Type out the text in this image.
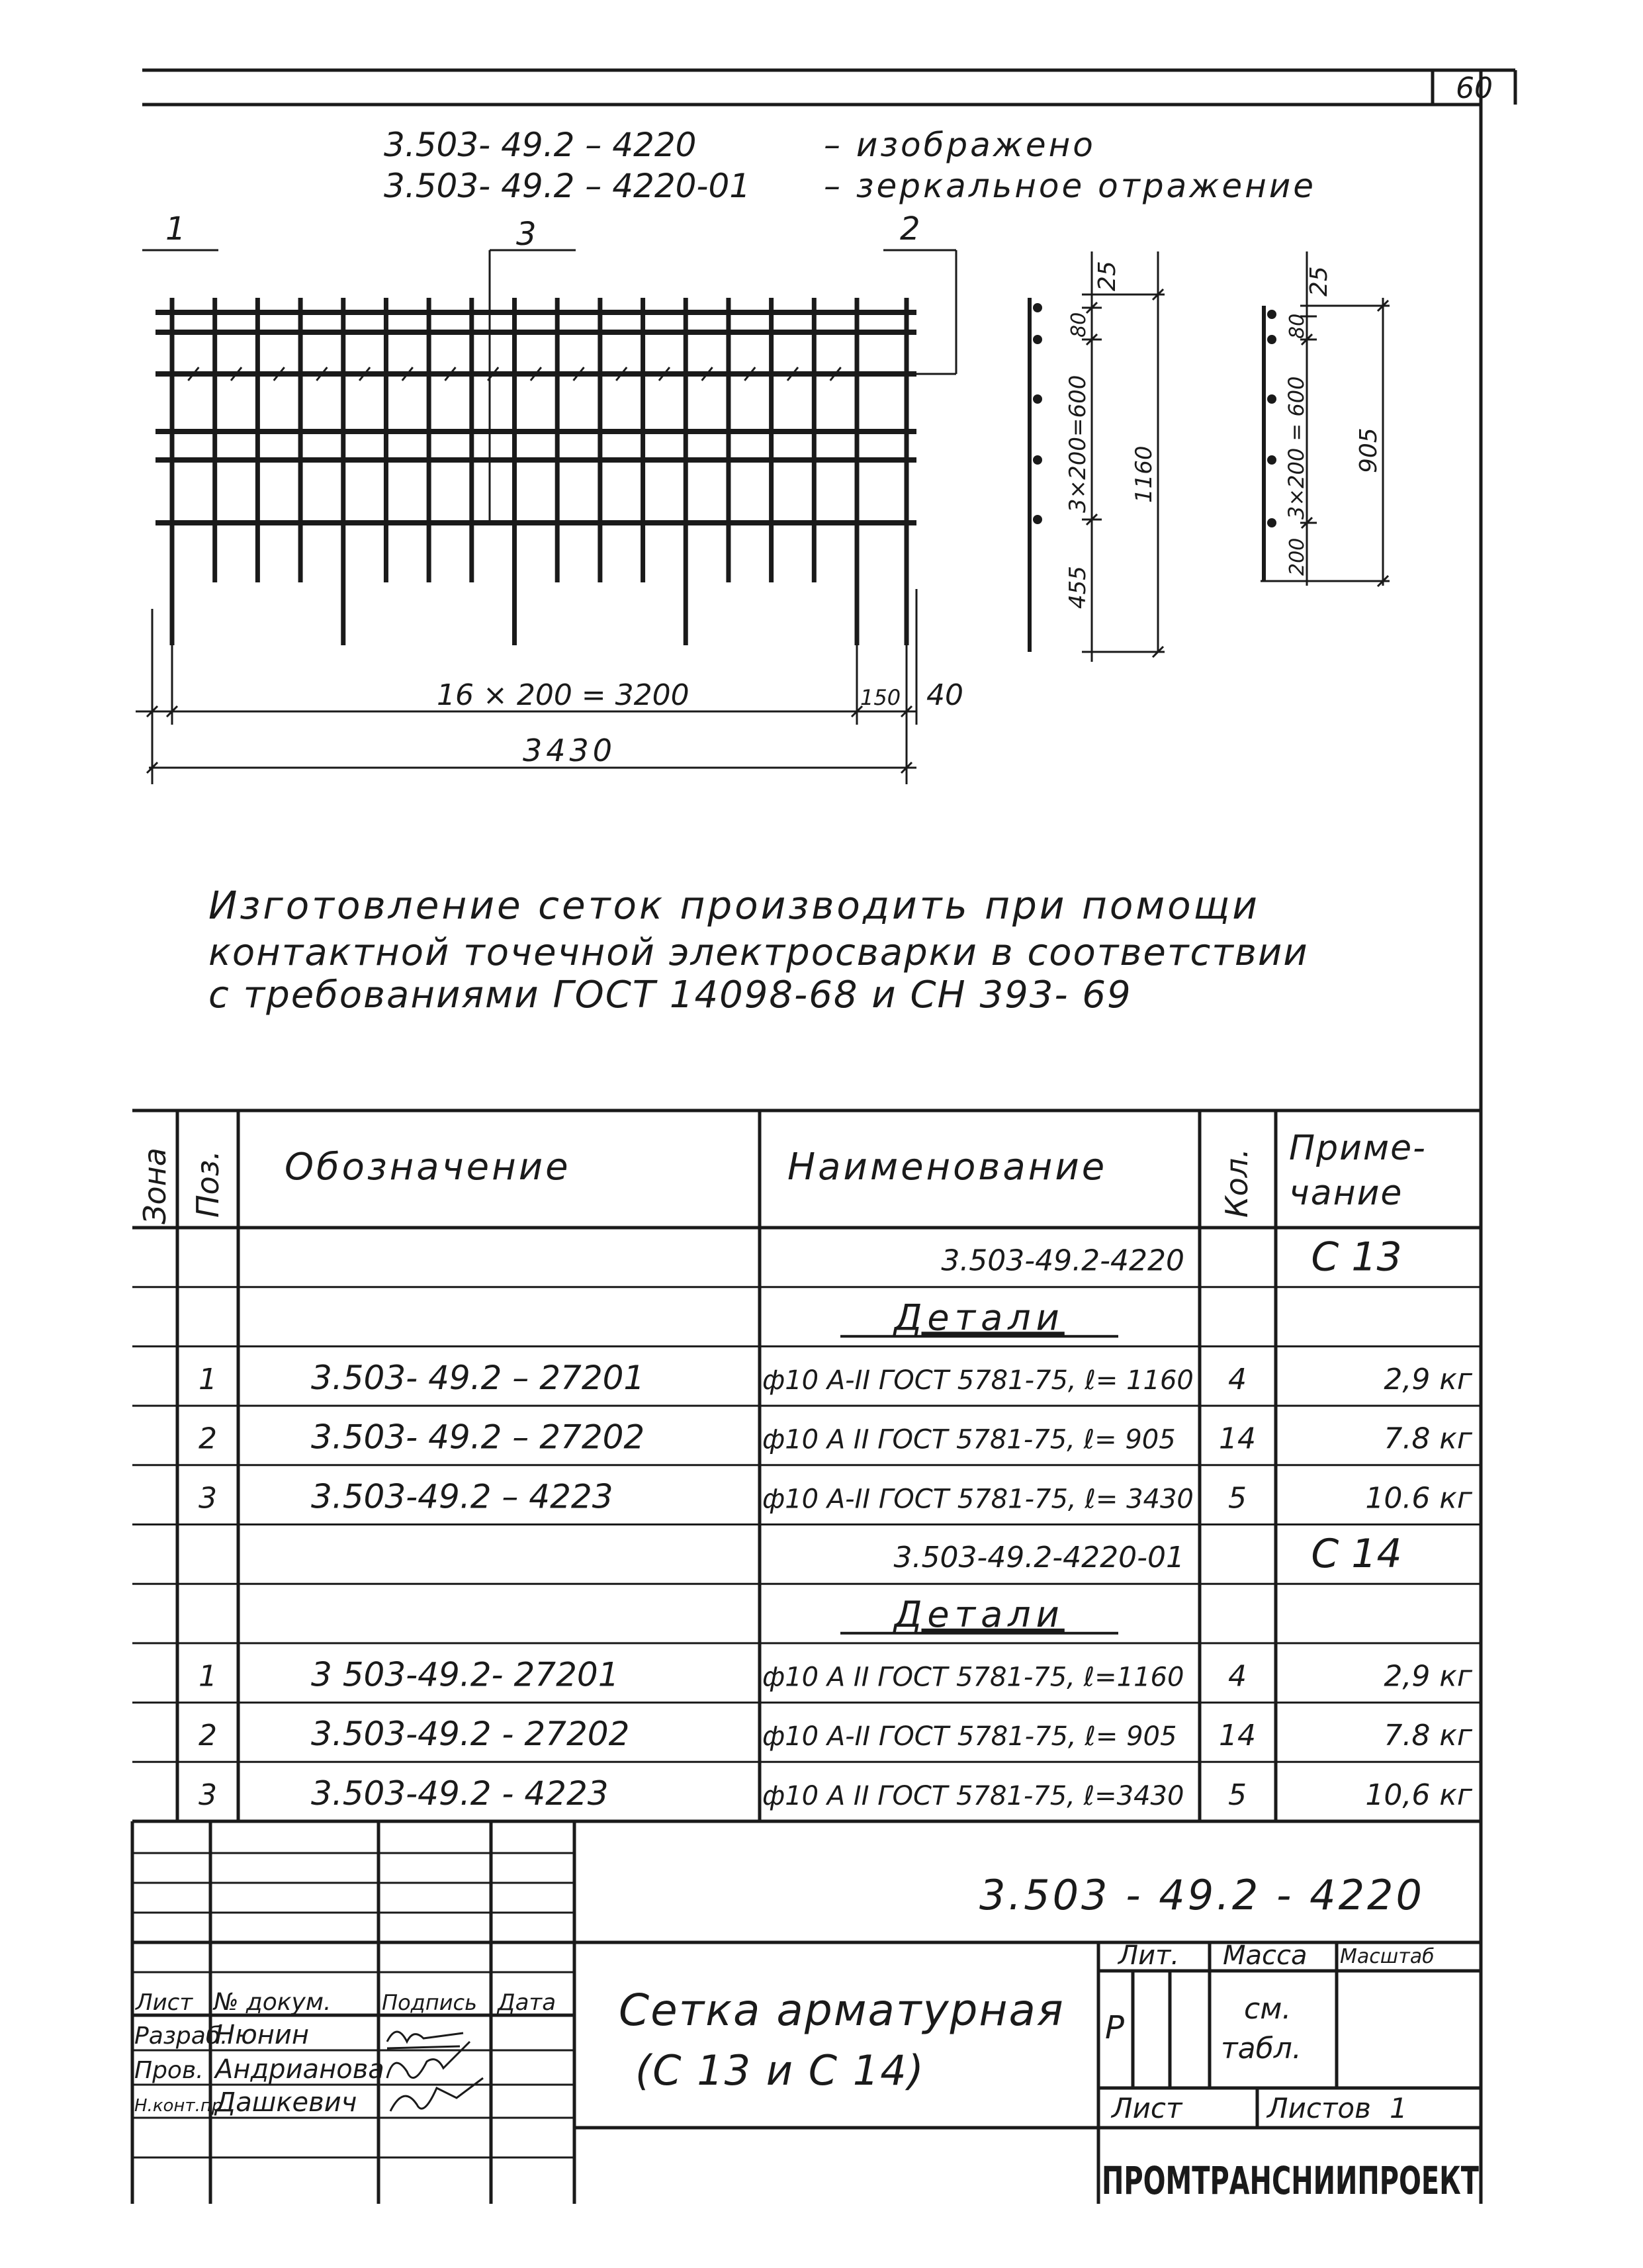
60
3.503- 49.2 – 4220	– изображено
3.503- 49.2 – 4220-01 – зеркальное отражение
1	3	2
16 × 200 = 3200	150 40
3430
25
80
3×200=600
455
1160
25
80
3×200 = 600
200
905
Изготовление сеток производить при помощи
контактной точечной электросварки в соответствии
с требованиями ГОСТ 14098-68 и СН 393- 69
Зона Поз. Обозначение	Наименование	Кол.
Приме-
чание
3.503-49.2-4220	С 13
Детали
1	3.503- 49.2 – 27201	ф10 А-II ГОСТ 5781-75, ℓ= 1160 4	2,9 кг
2	3.503- 49.2 – 27202	ф10 А II ГОСТ 5781-75, ℓ= 905 14	7.8 кг
3	3.503-49.2 – 4223	ф10 А-II ГОСТ 5781-75, ℓ= 3430 5	10.6 кг
3.503-49.2-4220-01	С 14
Детали
1	3 503-49.2- 27201	ф10 А II ГОСТ 5781-75, ℓ=1160 4	2,9 кг
2	3.503-49.2 - 27202	ф10 А-II ГОСТ 5781-75, ℓ= 905 14	7.8 кг
3	3.503-49.2 - 4223	ф10 А II ГОСТ 5781-75, ℓ=3430 5	10,6 кг
3.503 - 49.2 - 4220
Сетка арматурная
(С 13 и С 14)
Лист № докум. Подпись Дата
Разраб.
Нюнин
Пров. Андрианова
Н.конт.пр.
Дашкевич
Лит.
Р
Масса
см.
табл.
Масштаб
Лист	Листов 1
ПРОМТРАНСНИИПРОЕКТ
